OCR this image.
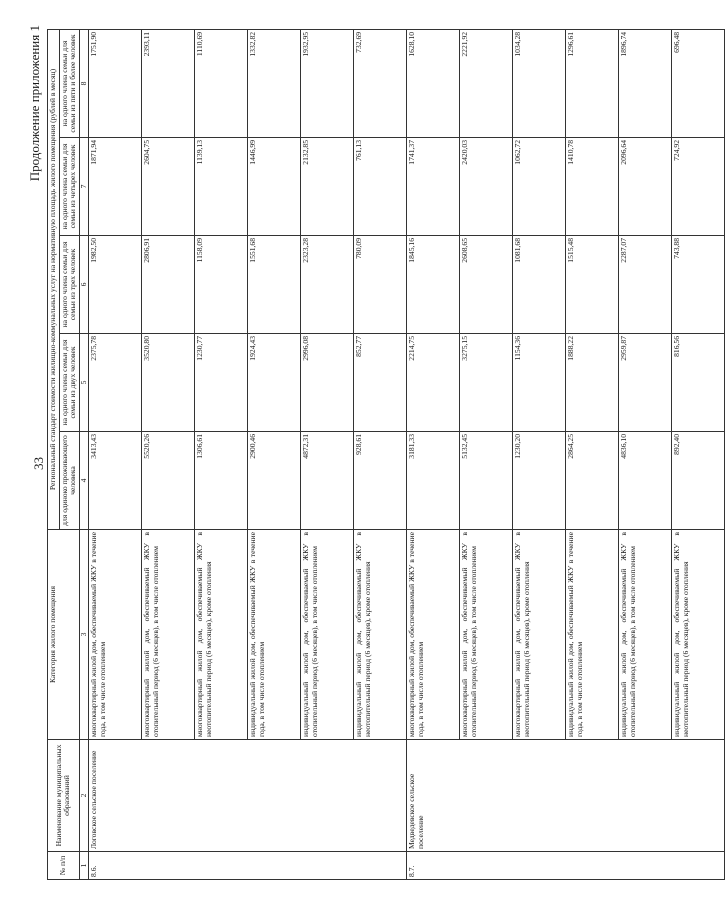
33
Продолжение приложения 1
№ п/п	Наименование муниципальных образований	Категория жилого помещения	Региональный стандарт стоимости жилищно-коммунальных услуг на нормативную площадь жилого помещения (рублей в месяц)				
			для одиноко проживающего человека	на одного члена семьи для семьи из двух человек	на одного члена семьи для семьи из трех человек	на одного члена семьи для семьи из четырех человек	на одного члена семьи для семьи из пяти и более человек
1	2	3	4	5	6	7	8
8.6.	Логовское сельское поселение	многоквартирный жилой дом, обеспечиваемый ЖКУ в течение года, в том числе отоплением	3413,43	2375,78	1982,50	1871,94	1751,90
		многоквартирный жилой дом, обеспечиваемый ЖКУ в отопительный период (6 месяцев), в том числе отоплением	5520,26	3520,80	2806,91	2604,75	2393,11
		многоквартирный жилой дом, обеспечиваемый ЖКУ в неотопительный период (6 месяцев), кроме отопления	1306,61	1230,77	1158,09	1139,13	1110,69
		индивидуальный жилой дом, обеспечиваемый ЖКУ в течение года, в том числе отоплением	2900,46	1924,43	1551,68	1446,99	1332,82
		индивидуальный жилой дом, обеспечиваемый ЖКУ в отопительный период (6 месяцев), в том числе отоплением	4872,31	2996,08	2323,28	2132,85	1932,95
		индивидуальный жилой дом, обеспечиваемый ЖКУ в неотопительный период (6 месяцев), кроме отопления	928,61	852,77	780,09	761,13	732,69
8.7.	Медведевское сельское поселение	многоквартирный жилой дом, обеспечиваемый ЖКУ в течение года, в том числе отоплением	3181,33	2214,75	1845,16	1741,37	1628,10
		многоквартирный жилой дом, обеспечиваемый ЖКУ в отопительный период (6 месяцев), в том числе отоплением	5132,45	3275,15	2608,65	2420,03	2221,92
		многоквартирный жилой дом, обеспечиваемый ЖКУ в неотопительный период (6 месяцев), кроме отопления	1230,20	1154,36	1081,68	1062,72	1034,28
		индивидуальный жилой дом, обеспечиваемый ЖКУ в течение года, в том числе отоплением	2864,25	1888,22	1515,48	1410,78	1296,61
		индивидуальный жилой дом, обеспечиваемый ЖКУ в отопительный период (6 месяцев), в том числе отоплением	4836,10	2959,87	2287,07	2096,64	1896,74
		индивидуальный жилой дом, обеспечиваемый ЖКУ в неотопительный период (6 месяцев), кроме отопления	892,40	816,56	743,88	724,92	696,48
